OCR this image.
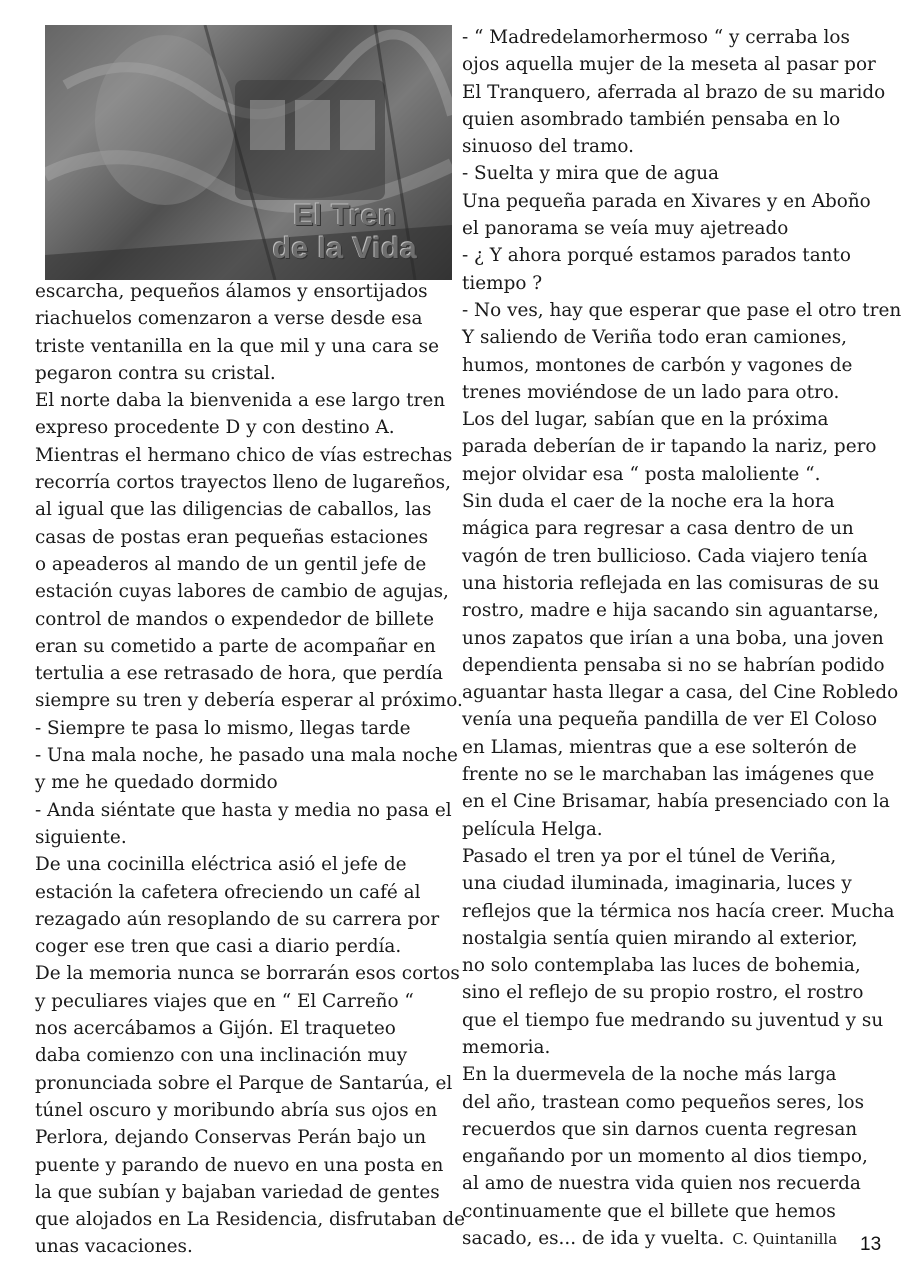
El Tren
de la Vida
escarcha, pequeños álamos y ensortijados
riachuelos comenzaron a verse desde esa
triste ventanilla en la que mil y una cara se
pegaron contra su cristal.
El norte daba la bienvenida a ese largo tren
expreso procedente D y con destino A.
Mientras el hermano chico de vías estrechas
recorría cortos trayectos lleno de lugareños,
al igual que las diligencias de caballos, las
casas de postas eran pequeñas estaciones
o apeaderos al mando de un gentil jefe de
estación cuyas labores de cambio de agujas,
control de mandos o expendedor de billete
eran su cometido a parte de acompañar en
tertulia a ese retrasado de hora, que perdía
siempre su tren y debería esperar al próximo.
- Siempre te pasa lo mismo, llegas tarde
- Una mala noche, he pasado una mala noche
y me he quedado dormido
- Anda siéntate que hasta y media no pasa el
siguiente.
De una cocinilla eléctrica asió el jefe de
estación la cafetera ofreciendo un café al
rezagado aún resoplando de su carrera por
coger ese tren que casi a diario perdía.
De la memoria nunca se borrarán esos cortos
y peculiares viajes que en “ El Carreño “
nos acercábamos a Gijón. El traqueteo
daba comienzo con una inclinación muy
pronunciada sobre el Parque de Santarúa, el
túnel oscuro y moribundo abría sus ojos en
Perlora, dejando Conservas Perán bajo un
puente y parando de nuevo en una posta en
la que subían y bajaban variedad de gentes
que alojados en La Residencia, disfrutaban de
unas vacaciones.
- “ Madredelamorhermoso “ y cerraba los
ojos aquella mujer de la meseta al pasar por
El Tranquero, aferrada al brazo de su marido
quien asombrado también pensaba en lo
sinuoso del tramo.
- Suelta y mira que de agua
Una pequeña parada en Xivares y en Aboño
el panorama se veía muy ajetreado
- ¿ Y ahora porqué estamos parados tanto
tiempo ?
- No ves, hay que esperar que pase el otro tren
Y saliendo de Veriña todo eran camiones,
humos, montones de carbón y vagones de
trenes moviéndose de un lado para otro.
Los del lugar, sabían que en la próxima
parada deberían de ir tapando la nariz, pero
mejor olvidar esa “ posta maloliente “.
Sin duda el caer de la noche era la hora
mágica para regresar a casa dentro de un
vagón de tren bullicioso. Cada viajero tenía
una historia reflejada en las comisuras de su
rostro, madre e hija sacando sin aguantarse,
unos zapatos que irían a una boba, una joven
dependienta pensaba si no se habrían podido
aguantar hasta llegar a casa, del Cine Robledo
venía una pequeña pandilla de ver El Coloso
en Llamas, mientras que a ese solterón de
frente no se le marchaban las imágenes que
en el Cine Brisamar, había presenciado con la
película Helga.
Pasado el tren ya por el túnel de Veriña,
una ciudad iluminada, imaginaria, luces y
reflejos que la térmica nos hacía creer. Mucha
nostalgia sentía quien mirando al exterior,
no solo contemplaba las luces de bohemia,
sino el reflejo de su propio rostro, el rostro
que el tiempo fue medrando su juventud y su
memoria.
En la duermevela de la noche más larga
del año, trastean como pequeños seres, los
recuerdos que sin darnos cuenta regresan
engañando por un momento al dios tiempo,
al amo de nuestra vida quien nos recuerda
continuamente que el billete que hemos
sacado, es... de ida y vuelta. C. Quintanilla	13
